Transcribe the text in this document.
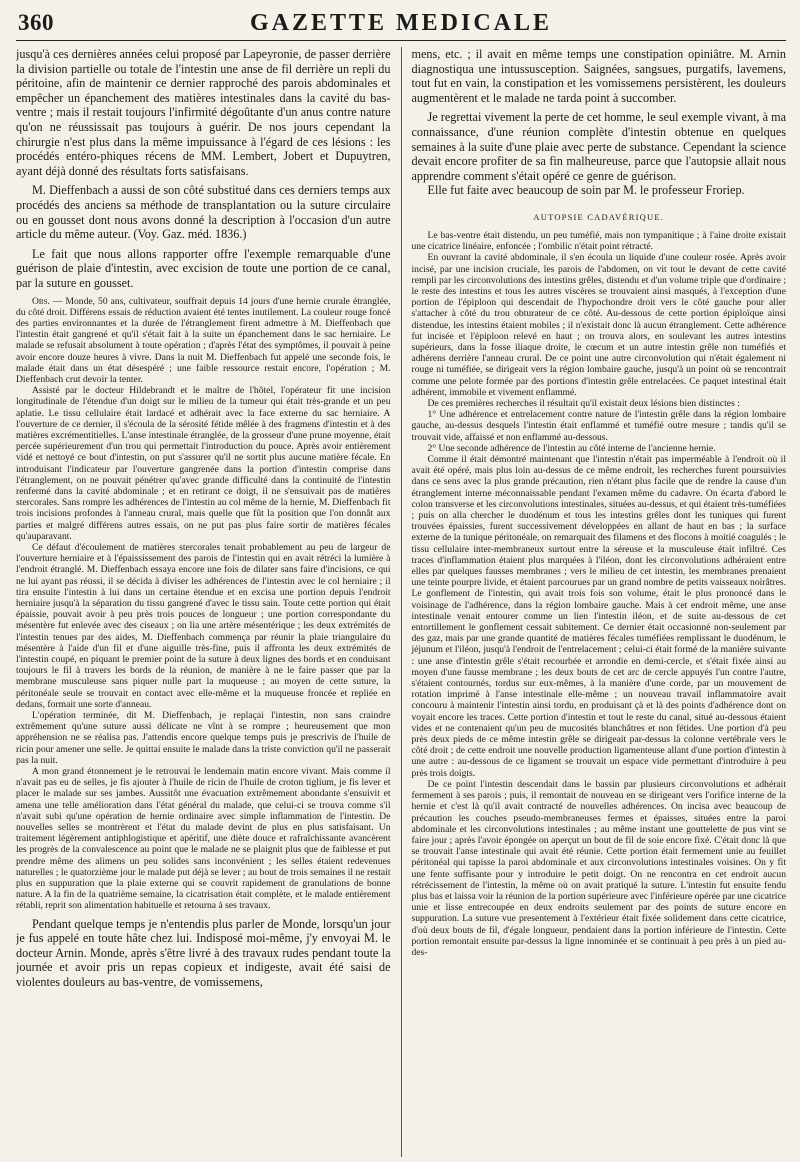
360	GAZETTE MEDICALE

jusqu'à ces dernières années celui proposé par Lapeyronie, de passer derrière la division partielle ou totale de l'intestin une anse de fil derrière un repli du péritoine, afin de maintenir ce dernier rapproché des parois abdominales et empêcher un épanchement des matières intestinales dans la cavité du bas-ventre ; mais il restait toujours l'infirmité dégoûtante d'un anus contre nature qu'on ne réussissait pas toujours à guérir. De nos jours cependant la chirurgie n'est plus dans la même impuissance à l'égard de ces lésions : les procédés entéro-phiques récens de MM. Lembert, Jobert et Dupuytren, ayant déjà donné des résultats forts satisfaisans.

M. Dieffenbach a aussi de son côté substitué dans ces derniers temps aux procédés des anciens sa méthode de transplantation ou la suture circulaire ou en gousset dont nous avons donné la description à l'occasion d'un autre article du même auteur. (Voy. Gaz. méd. 1836.)

Le fait que nous allons rapporter offre l'exemple remarquable d'une guérison de plaie d'intestin, avec excision de toute une portion de ce canal, par la suture en gousset.

Obs. — Monde, 50 ans, cultivateur, souffrait depuis 14 jours d'une hernie crurale étranglée, du côté droit. Différens essais de réduction avaient été tentes inutilement. La couleur rouge foncé des parties environnantes et la durée de l'étranglement firent admettre à M. Dieffenbach que l'intestin était gangrené et qu'il s'était fait à la suite un épanchement dans le sac herniaire. Le malade se refusait absolument à toute opération ; d'après l'état des symptômes, il pouvait à peine avoir encore douze heures à vivre. Dans la nuit M. Dieffenbach fut appelé une seconde fois, le malade était dans un état désespéré ; une faible ressource restait encore, l'opération ; M. Dieffenbach crut devoir la tenter.

Assisté par le docteur Hildebrandt et le maître de l'hôtel, l'opérateur fit une incision longitudinale de l'étendue d'un doigt sur le milieu de la tumeur qui était très-grande et un peu aplatie. Le tissu cellulaire était lardacé et adhérait avec la face externe du sac herniaire. A l'ouverture de ce dernier, il s'écoula de la sérosité fétide mêlée à des fragmens d'intestin et à des matières excrémentitielles. L'anse intestinale étranglée, de la grosseur d'une prune moyenne, était percée supérieurement d'un trou qui permettait l'introduction du pouce. Après avoir entièrement vidé et nettoyé ce bout d'intestin, on put s'assurer qu'il ne sortit plus aucune matière fécale. En introduisant l'indicateur par l'ouverture gangrenée dans la portion d'intestin comprise dans l'étranglement, on ne pouvait pénétrer qu'avec grande difficulté dans la continuité de l'intestin renfermé dans la cavité abdominale ; et en retirant ce doigt, il ne s'ensuivait pas de matières stercorales. Sans rompre les adhérences de l'intestin au col même de la hernie, M. Dieffenbach fit trois incisions profondes à l'anneau crural, mais quelle que fût la position que l'on donnât aux parties et malgré différens autres essais, on ne put pas plus faire sortir de matières fécales qu'auparavant.

Ce défaut d'écoulement de matières stercorales tenait probablement au peu de largeur de l'ouverture herniaire et à l'épaississement des parois de l'intestin qui en avait rétréci la lumière à l'endroit étranglé. M. Dieffenbach essaya encore une fois de dilater sans faire d'incisions, ce qui ne lui ayant pas réussi, il se décida à diviser les adhérences de l'intestin avec le col herniaire ; il tira ensuite l'intestin à lui dans un certaine étendue et en excisa une portion depuis l'endroit herniaire jusqu'à la séparation du tissu gangrené d'avec le tissu sain. Toute cette portion qui était épaissie, pouvait avoir à peu près trois pouces de longueur ; une portion correspondante du mésentère fut enlevée avec des ciseaux ; on lia une artère mésentérique ; les deux extrémités de l'intestin tenues par des aides, M. Dieffenbach commença par réunir la plaie triangulaire du mésentère à l'aide d'un fil et d'une aiguille très-fine, puis il affronta les deux extrémités de l'intestin coupé, en piquant le premier point de la suture à deux lignes des bords et en conduisant toujours le fil à travers les bords de la réunion, de manière à ne le faire passer que par la membrane musculeuse sans piquer nulle part la muqueuse ; au moyen de cette suture, la péritonéale seule se trouvait en contact avec elle-même et la muqueuse froncée et repliée en dedans, formait une sorte d'anneau.

L'opération terminée, dit M. Dieffenbach, je replaçai l'intestin, non sans craindre extrêmement qu'une suture aussi délicate ne vînt à se rompre ; heureusement que mon appréhension ne se réalisa pas. J'attendis encore quelque temps puis je prescrivis de l'huile de ricin pour amener une selle. Je quittai ensuite le malade dans la triste conviction qu'il ne passerait pas la nuit.

A mon grand étonnement je le retrouvai le lendemain matin encore vivant. Mais comme il n'avait pas eu de selles, je fis ajouter à l'huile de ricin de l'huile de croton tiglium, je fis lever et placer le malade sur ses jambes. Aussitôt une évacuation extrêmement abondante s'ensuivit et amena une telle amélioration dans l'état général du malade, que celui-ci se trouva comme s'il n'avait subi qu'une opération de hernie ordinaire avec simple inflammation de l'intestin. De nouvelles selles se montrèrent et l'état du malade devint de plus en plus satisfaisant. Un traitement légèrement antiphlogistique et apéritif, une diète douce et rafraîchissante avancèrent les progrès de la convalescence au point que le malade ne se plaignit plus que de faiblesse et put prendre même des alimens un peu solides sans inconvénient ; les selles étaient redevenues naturelles ; le quatorzième jour le malade put déjà se lever ; au bout de trois semaines il ne restait plus en suppuration que la plaie externe qui se couvrit rapidement de granulations de bonne nature. A la fin de la quatrième semaine, la cicatrisation était complète, et le malade entièrement rétabli, reprit son alimentation habituelle et retourna à ses travaux.

Pendant quelque temps je n'entendis plus parler de Monde, lorsqu'un jour je fus appelé en toute hâte chez lui. Indisposé moi-même, j'y envoyai M. le docteur Arnin. Monde, après s'être livré à des travaux rudes pendant toute la journée et avoir pris un repas copieux et indigeste, avait été saisi de violentes douleurs au bas-ventre, de vomissemens,

mens, etc. ; il avait en même temps une constipation opiniâtre. M. Arnin diagnostiqua une intussusception. Saignées, sangsues, purgatifs, lavemens, tout fut en vain, la constipation et les vomissemens persistèrent, les douleurs augmentèrent et le malade ne tarda point à succomber.

Je regrettai vivement la perte de cet homme, le seul exemple vivant, à ma connaissance, d'une réunion complète d'intestin obtenue en quelques semaines à la suite d'une plaie avec perte de substance. Cependant la science devait encore profiter de sa fin malheureuse, parce que l'autopsie allait nous apprendre comment s'était opéré ce genre de guérison.

Elle fut faite avec beaucoup de soin par M. le professeur Froriep.

AUTOPSIE CADAVÉRIQUE.

Le bas-ventre était distendu, un peu tuméfié, mais non tympanitique ; à l'aine droite existait une cicatrice linéaire, enfoncée ; l'ombilic n'était point rétracté.

En ouvrant la cavité abdominale, il s'en écoula un liquide d'une couleur rosée. Après avoir incisé, par une incision cruciale, les parois de l'abdomen, on vit tout le devant de cette cavité rempli par les circonvolutions des intestins grêles, distendu et d'un volume triple que d'ordinaire ; le reste des intestins et tous les autres viscères se trouvaient ainsi masqués, à l'exception d'une portion de l'épiploon qui descendait de l'hypochondre droit vers le côté gauche pour aller s'attacher à côté du trou obturateur de ce côté. Au-dessous de cette portion épiploïque ainsi distendue, les intestins étaient mobiles ; il n'existait donc là aucun étranglement. Cette adhérence fut incisée et l'épiploon relevé en haut ; on trouva alors, en soulevant les autres intestins supérieurs, dans la fosse iliaque droite, le cœcum et un autre intestin grêle non tuméfiés et adhérens derrière l'anneau crural. De ce point une autre circonvolution qui n'était également ni rouge ni tuméfiée, se dirigeait vers la région lombaire gauche, jusqu'à un point où se rencontrait comme une pelote formée par des portions d'intestin grêle entrelacées. Ce paquet intestinal était adhérent, immobile et vivement enflammé.

De ces premières recherches il résultait qu'il existait deux lésions bien distinctes :

1° Une adhérence et entrelacement contre nature de l'intestin grêle dans la région lombaire gauche, au-dessus desquels l'intestin était enflammé et tuméfié outre mesure ; tandis qu'il se trouvait vide, affaissé et non enflammé au-dessous.

2° Une seconde adhérence de l'intestin au côté interne de l'ancienne hernie.

Comme il était démontré maintenant que l'intestin n'était pas imperméable à l'endroit où il avait été opéré, mais plus loin au-dessus de ce même endroit, les recherches furent poursuivies dans ce sens avec la plus grande précaution, rien n'étant plus facile que de rendre la cause d'un étranglement interne méconnaissable pendant l'examen même du cadavre. On écarta d'abord le colon transverse et les circonvolutions intestinales, situées au-dessus, et qui étaient très-tuméfiées ; puis on alla chercher le duodénum et tous les intestins grêles dont les tuniques qui furent trouvées épaissies, furent successivement développées en allant de haut en bas ; la surface externe de la tunique péritonéale, on remarquait des filamens et des flocons à moitié coagulés ; le tissu cellulaire inter-membraneux surtout entre la séreuse et la musculeuse était infiltré. Ces traces d'inflammation étaient plus marquées à l'iléon, dont les circonvolutions adhéraient entre elles par quelques fausses membranes ; vers le milieu de cet intestin, les membranes prenaient une teinte pourpre livide, et étaient parcourues par un grand nombre de petits vaisseaux noirâtres. Le gonflement de l'intestin, qui avait trois fois son volume, était le plus prononcé dans le voisinage de l'adhérence, dans la région lombaire gauche. Mais à cet endroit même, une anse intestinale venait entourer comme un lien l'intestin iléon, et de suite au-dessous de cet entortillement le gonflement cessait subitement. Ce dernier était occasionné non-seulement par des gaz, mais par une grande quantité de matières fécales tuméfiées remplissant le duodénum, le jéjunum et l'iléon, jusqu'à l'endroit de l'entrelacement ; celui-ci était formé de la manière suivante : une anse d'intestin grêle s'était recourbée et arrondie en demi-cercle, et s'était fixée ainsi au moyen d'une fausse membrane ; les deux bouts de cet arc de cercle appuyés l'un contre l'autre, s'étaient contournés, tordus sur eux-mêmes, à la manière d'une corde, par un mouvement de rotation imprimé à l'anse intestinale elle-même ; un nouveau travail inflammatoire avait concouru à maintenir l'intestin ainsi tordu, en produisant çà et là des points d'adhérence dont on voyait encore les traces. Cette portion d'intestin et tout le reste du canal, situé au-dessous étaient vides et ne contenaient qu'un peu de mucosités blanchâtres et non fétides. Une portion d'à peu près deux pieds de ce même intestin grêle se dirigeait par-dessus la colonne vertébrale vers le côté droit ; de cette endroit une nouvelle production ligamenteuse allant d'une portion d'intestin à une autre : au-dessous de ce ligament se trouvait un espace vide permettant d'introduire à peu près trois doigts.

De ce point l'intestin descendait dans le bassin par plusieurs circonvolutions et adhérait fermement à ses parois ; puis, il remontait de nouveau en se dirigeant vers l'orifice interne de la hernie et c'est là qu'il avait contracté de nouvelles adhérences. On incisa avec beaucoup de précaution les couches pseudo-membraneuses fermes et épaisses, situées entre la paroi abdominale et les circonvolutions intestinales ; au même instant une gouttelette de pus vint se faire jour ; après l'avoir épongée on aperçut un bout de fil de soie encore fixé. C'était donc là que se trouvait l'anse intestinale qui avait été réunie. Cette portion était fermement unie au feuillet péritonéal qui tapisse la paroi abdominale et aux circonvolutions intestinales voisines. On y fit une fente suffisante pour y introduire le petit doigt. On ne rencontra en cet endroit aucun rétrécissement de l'intestin, la même où on avait pratiqué la suture. L'intestin fut ensuite fendu plus bas et laissa voir la réunion de la portion supérieure avec l'inférieure opérée par une cicatrice unie et lisse entrecoupée en deux endroits seulement par des points de suture encore en suppuration. La suture vue presentement à l'extérieur était fixée solidement dans cette cicatrice, d'où deux bouts de fil, d'égale longueur, pendaient dans la portion inférieure de l'intestin. Cette portion remontait ensuite par-dessus la ligne innominée et se continuait à peu près à un pied au-des-
